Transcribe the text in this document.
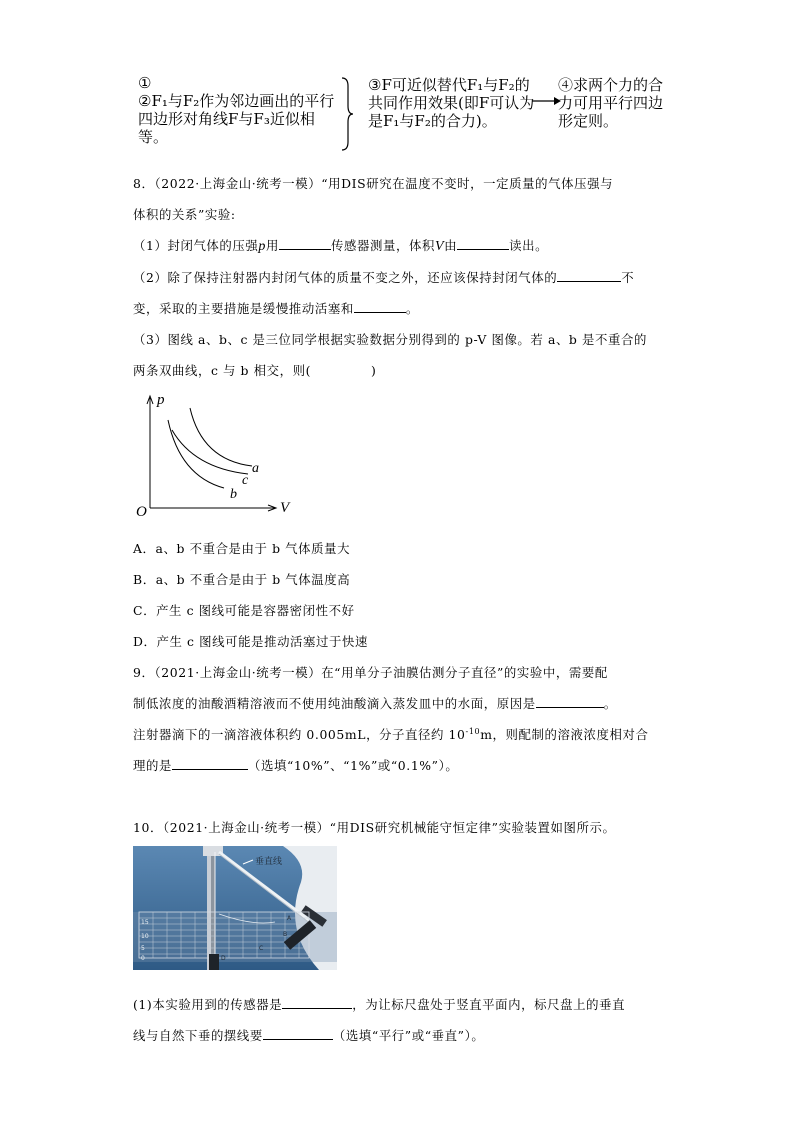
①
②F₁与F₂作为邻边画出的平行四边形对角线F与F₃近似相等。
③F可近似替代F₁与F₂的共同作用效果(即F可认为是F₁与F₂的合力)。
④求两个力的合力可用平行四边形定则。
8．（2022·上海金山·统考一模）“用DIS研究在温度不变时，一定质量的气体压强与
体积的关系”实验:
（1）封闭气体的压强p用	传感器测量，体积V由	读出。
（2）除了保持注射器内封闭气体的质量不变之外，还应该保持封闭气体的	不
变，采取的主要措施是缓慢推动活塞和	。
（3）图线 a、b、c 是三位同学根据实验数据分别得到的 p-V 图像。若 a、b 是不重合的
两条双曲线，c 与 b 相交，则(	)
p
O	V
a
c
b
A．a、b 不重合是由于 b 气体质量大
B．a、b 不重合是由于 b 气体温度高
C．产生 c 图线可能是容器密闭性不好
D．产生 c 图线可能是推动活塞过于快速
9．（2021·上海金山·统考一模）在“用单分子油膜估测分子直径”的实验中，需要配
制低浓度的油酸酒精溶液而不使用纯油酸滴入蒸发皿中的水面，原因是	。
注射器滴下的一滴溶液体积约 0.005mL，分子直径约 $10^{-10}m$，则配制的溶液浓度相对合
理的是	（选填“10%”、“1%”或“0.1%”）。
10．（2021·上海金山·统考一模）“用DIS研究机械能守恒定律”实验装置如图所示。
垂直线
15
10
5
0
A
B
C
D
(1)本实验用到的传感器是	，为让标尺盘处于竖直平面内，标尺盘上的垂直
线与自然下垂的摆线要	（选填“平行”或“垂直”）。
